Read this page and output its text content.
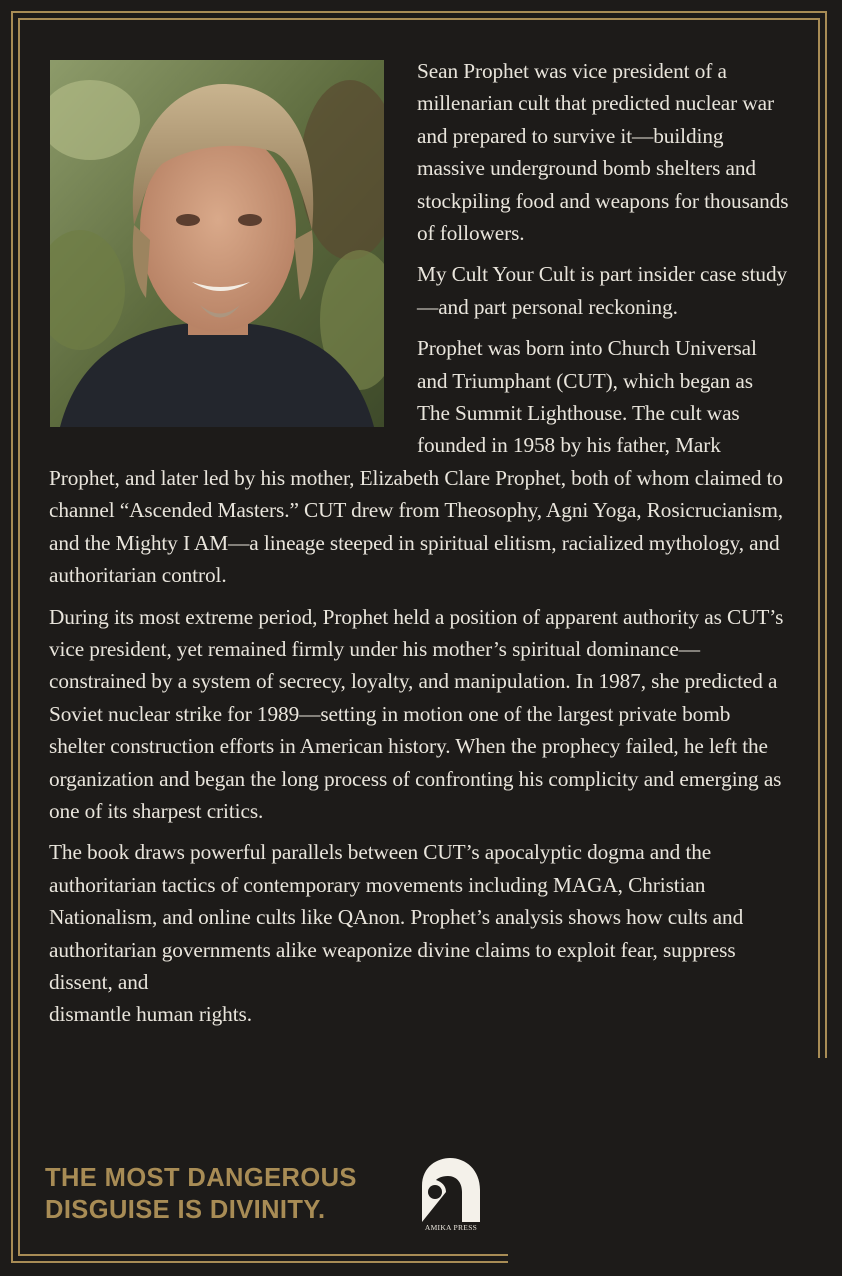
Sean Prophet was vice president of a millenarian cult that predicted nuclear war and prepared to survive it—building massive underground bomb shelters and stockpiling food and weapons for thousands of followers.

My Cult Your Cult is part insider case study—and part personal reckoning.

Prophet was born into Church Universal and Triumphant (CUT), which began as The Summit Lighthouse. The cult was founded in 1958 by his father, Mark Prophet, and later led by his mother, Elizabeth Clare Prophet, both of whom claimed to channel “Ascended Masters.” CUT drew from Theosophy, Agni Yoga, Rosicrucianism, and the Mighty I AM—a lineage steeped in spiritual elitism, racialized mythology, and authoritarian control.

During its most extreme period, Prophet held a position of apparent authority as CUT’s vice president, yet remained firmly under his mother’s spiritual dominance—constrained by a system of secrecy, loyalty, and manipulation. In 1987, she predicted a Soviet nuclear strike for 1989—setting in motion one of the largest private bomb shelter construction efforts in American history. When the prophecy failed, he left the organization and began the long process of confronting his complicity and emerging as one of its sharpest critics.

The book draws powerful parallels between CUT’s apocalyptic dogma and the authoritarian tactics of contemporary movements including MAGA, Christian Nationalism, and online cults like QAnon. Prophet’s analysis shows how cults and authoritarian governments alike weaponize divine claims to exploit fear, suppress dissent, and
dismantle human rights.

THE MOST DANGEROUS
DISGUISE IS DIVINITY.
AMIKA PRESS
